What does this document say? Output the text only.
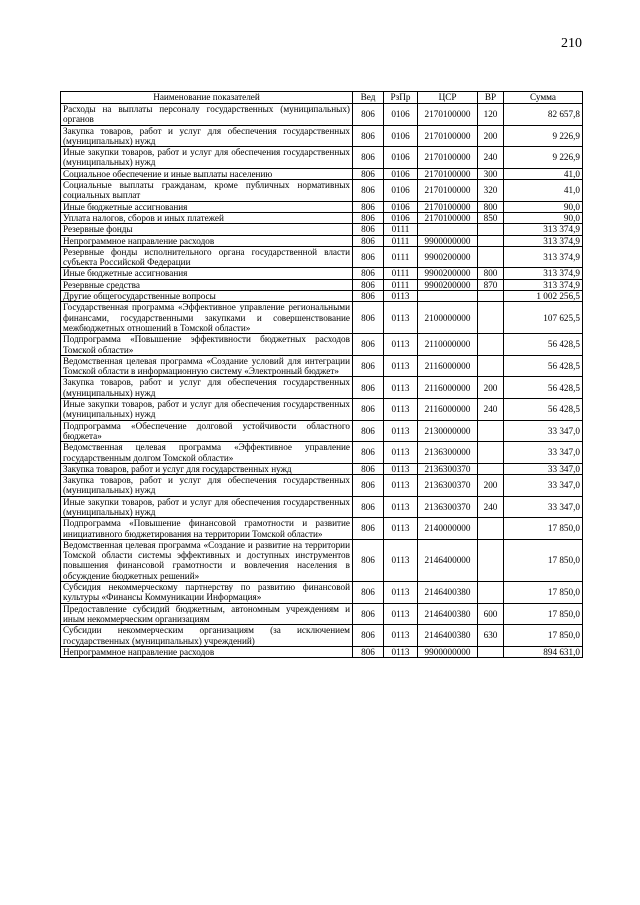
210
Наименование показателей	Вед	РзПр	ЦСР	ВР	Сумма
Расходы на выплаты персоналу государственных (муниципальных) органов	806	0106	2170100000	120	82 657,8
Закупка товаров, работ и услуг для обеспечения государственных (муниципальных) нужд	806	0106	2170100000	200	9 226,9
Иные закупки товаров, работ и услуг для обеспечения государственных (муниципальных) нужд	806	0106	2170100000	240	9 226,9
Социальное обеспечение и иные выплаты населению	806	0106	2170100000	300	41,0
Социальные выплаты гражданам, кроме публичных нормативных социальных выплат	806	0106	2170100000	320	41,0
Иные бюджетные ассигнования	806	0106	2170100000	800	90,0
Уплата налогов, сборов и иных платежей	806	0106	2170100000	850	90,0
Резервные фонды	806	0111			313 374,9
Непрограммное направление расходов	806	0111	9900000000		313 374,9
Резервные фонды исполнительного органа государственной власти субъекта Российской Федерации	806	0111	9900200000		313 374,9
Иные бюджетные ассигнования	806	0111	9900200000	800	313 374,9
Резервные средства	806	0111	9900200000	870	313 374,9
Другие общегосударственные вопросы	806	0113			1 002 256,5
Государственная программа «Эффективное управление региональными финансами, государственными закупками и совершенствование межбюджетных отношений в Томской области»	806	0113	2100000000		107 625,5
Подпрограмма «Повышение эффективности бюджетных расходов Томской области»	806	0113	2110000000		56 428,5
Ведомственная целевая программа «Создание условий для интеграции Томской области в информационную систему «Электронный бюджет»	806	0113	2116000000		56 428,5
Закупка товаров, работ и услуг для обеспечения государственных (муниципальных) нужд	806	0113	2116000000	200	56 428,5
Иные закупки товаров, работ и услуг для обеспечения государственных (муниципальных) нужд	806	0113	2116000000	240	56 428,5
Подпрограмма «Обеспечение долговой устойчивости областного бюджета»	806	0113	2130000000		33 347,0
Ведомственная целевая программа «Эффективное управление государственным долгом Томской области»	806	0113	2136300000		33 347,0
Закупка товаров, работ и услуг для государственных нужд	806	0113	2136300370		33 347,0
Закупка товаров, работ и услуг для обеспечения государственных (муниципальных) нужд	806	0113	2136300370	200	33 347,0
Иные закупки товаров, работ и услуг для обеспечения государственных (муниципальных) нужд	806	0113	2136300370	240	33 347,0
Подпрограмма «Повышение финансовой грамотности и развитие инициативного бюджетирования на территории Томской области»	806	0113	2140000000		17 850,0
Ведомственная целевая программа «Создание и развитие на территории Томской области системы эффективных и доступных инструментов повышения финансовой грамотности и вовлечения населения в обсуждение бюджетных решений»	806	0113	2146400000		17 850,0
Субсидия некоммерческому партнерству по развитию финансовой культуры «Финансы Коммуникации Информация»	806	0113	2146400380		17 850,0
Предоставление субсидий бюджетным, автономным учреждениям и иным некоммерческим организациям	806	0113	2146400380	600	17 850,0
Субсидии некоммерческим организациям (за исключением государственных (муниципальных) учреждений)	806	0113	2146400380	630	17 850,0
Непрограммное направление расходов	806	0113	9900000000		894 631,0
